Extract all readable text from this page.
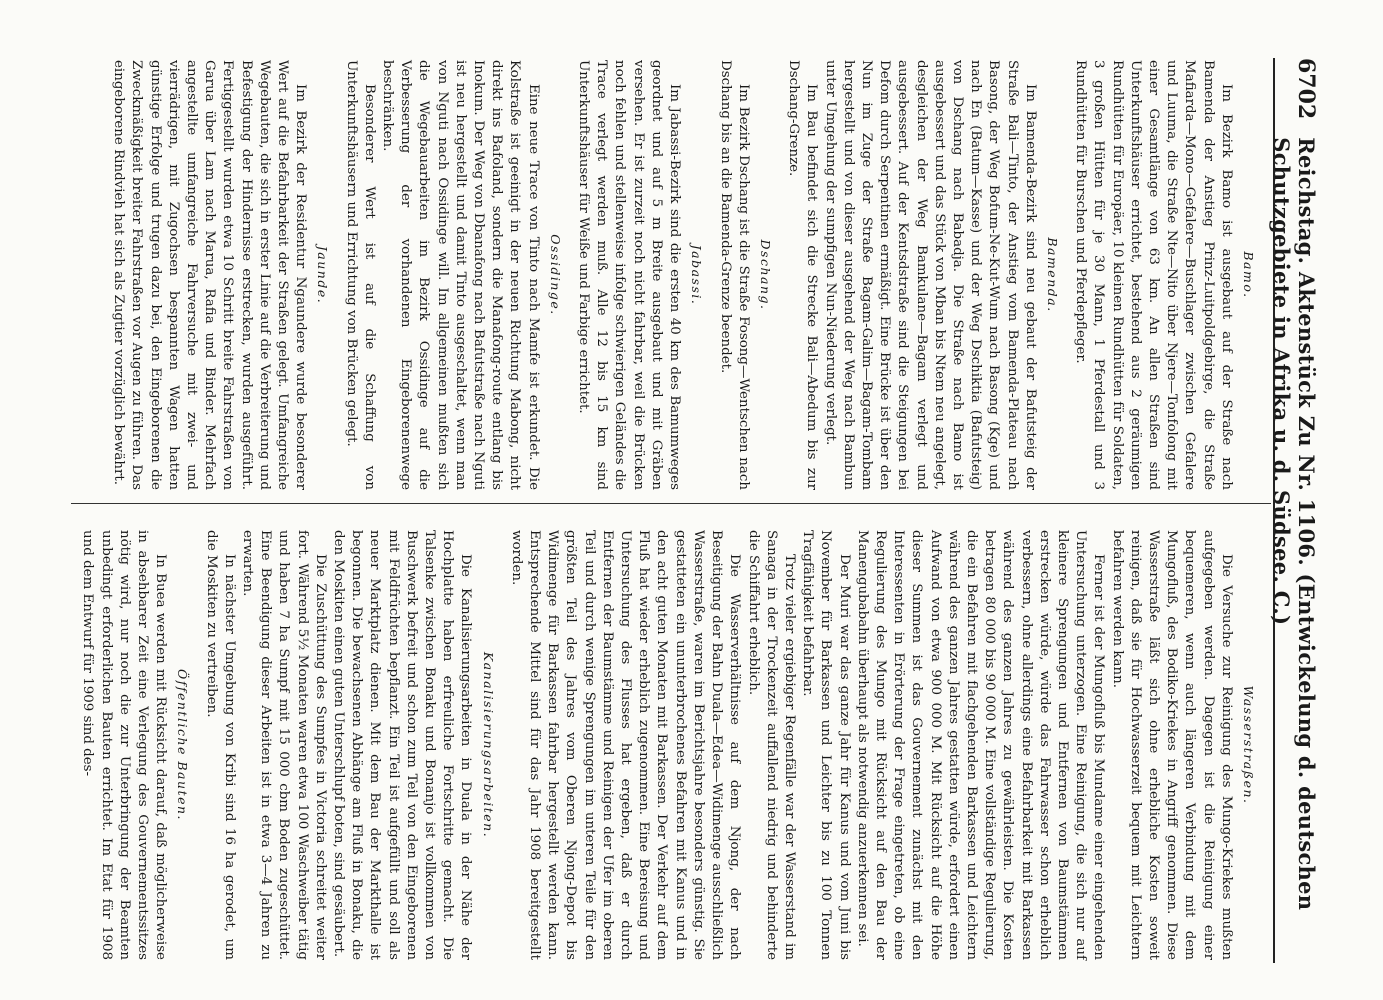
6702
Reichstag. Aktenstück Zu Nr. 1106. (Entwickelung d. deutschen Schutzgebiete in Afrika u. d. Südsee. C.)
Bamo.

Im Bezirk Bamo ist ausgebaut auf der Straße nach Bamenda der Anstieg Prinz-Luitpoldgebirge, die Straße Mafiarda—Mono—Gefalere—Buschlager zwischen Gefalere und Luuma, die Straße Nte—Nito über Njere—Tonfolong mit einer Gesamtlänge von 63 km. An allen Straßen sind Unterkunftshäuser errichtet, bestehend aus 2 geräumigen Rundhütten für Europäer, 10 kleinen Rundhütten für Soldaten, 3 großen Hütten für je 30 Mann, 1 Pferdestall und 3 Rundhütten für Burschen und Pferdepfleger.

Bamenda.

Im Bamenda-Bezirk sind neu gebaut der Bafutsteig der Straße Bali—Tinto, der Anstieg vom Bamenda-Plateau nach Basong, der Weg Bofum-Ne-Kut-Wum nach Basong (Kge) und nach En (Batum—Kasse) und der Weg Dschiktia (Bafutsteig) von Dschang nach Babadja. Die Straße nach Bamo ist ausgebessert und das Stück von Mban bis Ntem neu angelegt, desgleichen der Weg Bamkulane—Bagam verlegt und ausgebessert. Auf der Kentsdstraße sind die Steigungen bei Defom durch Serpentinen ermäßigt. Eine Brücke ist über den Nun im Zuge der Straße Bagam-Galim—Bagam-Tombam hergestellt und von dieser ausgehend der Weg nach Bambun unter Umgehung der sumpfigen Nun-Niederung verlegt.

Im Bau befindet sich die Strecke Bali—Abedum bis zur Dschang-Grenze.

Dschang.

Im Bezirk Dschang ist die Straße Fosong—Wentschen nach Dschang bis an die Bamenda-Grenze beendet.

Jabassi.

Im Jabassi-Bezirk sind die ersten 40 km des Bamumweges geordnet und auf 5 m Breite ausgebaut und mit Gräben versehen. Er ist zurzeit noch nicht fahrbar, weil die Brücken noch fehlen und stellenweise infolge schwierigen Geländes die Trace verlegt werden muß. Alle 12 bis 15 km sind Unterkunftshäuser für Weiße und Farbige errichtet.

Ossidinge.

Eine neue Trace von Tinto nach Mamfe ist erkundet. Die Kolstraße ist geeinigt in der neuen Richtung Mabong, nicht direkt ins Bafoland, sondern die Manafong-route entlang bis Inokum. Der Weg von Dbanafong nach Bafutstraße nach Nguti ist neu hergestellt und damit Tinto ausgeschaltet, wenn man von Nguti nach Ossidinge will. Im allgemeinen mußten sich die Wegebauarbeiten im Bezirk Ossidinge auf die Verbesserung der vorhandenen Eingeborenenwege beschränken.

Besonderer Wert ist auf die Schaffung von Unterkunftshäusern und Errichtung von Brücken gelegt.

Jaunde.

Im Bezirk der Residentur Ngaundere wurde besonderer Wert auf die Befahrbarkeit der Straßen gelegt. Umfangreiche Wegebauten, die sich in erster Linie auf die Verbreiterung und Befestigung der Hindernisse erstrecken, wurden ausgeführt. Fertiggestellt wurden etwa 10 Schritt breite Fahrstraßen von Garua über Lam nach Marua, Rafia und Binder. Mehrfach angestellte umfangreiche Fahrversuche mit zwei- und vierrädrigen, mit Zugochsen bespannten Wagen hatten günstige Erfolge und trugen dazu bei, den Eingeborenen die Zweckmäßigkeit breiter Fahrstraßen vor Augen zu führen. Das eingeborene Rindvieh hat sich als Zugtier vorzüglich bewährt.

Wasserstraßen.

Die Versuche zur Reinigung des Mungo-Kriekes mußten aufgegeben werden. Dagegen ist die Reinigung einer bequemeren, wenn auch längeren Verbindung mit dem Mungofluß, des Bodiko-Kriekes in Angriff genommen. Diese Wasserstraße läßt sich ohne erhebliche Kosten soweit reinigen, daß sie für Hochwasserzeit bequem mit Leichtern befahren werden kann.

Ferner ist der Mungofluß bis Mundame einer eingehenden Untersuchung unterzogen. Eine Reinigung, die sich nur auf kleinere Sprengungen und Entfernen von Baumstämmen erstrecken würde, würde das Fahrwasser schon erheblich verbessern, ohne allerdings eine Befahrbarkeit mit Barkassen während des ganzen Jahres zu gewährleisten. Die Kosten betragen 80 000 bis 90 000 M. Eine vollständige Regulierung, die ein Befahren mit flachgehenden Barkassen und Leichtern während des ganzen Jahres gestatten würde, erfordert einen Aufwand von etwa 900 000 M. Mit Rücksicht auf die Höhe dieser Summen ist das Gouvernement zunächst mit den Interessenten in Erörterung der Frage eingetreten, ob eine Regulierung des Mungo mit Rücksicht auf den Bau der Manengubabahn überhaupt als notwendig anzuerkennen sei.

Der Muri war das ganze Jahr für Kanus und vom Juni bis November für Barkassen und Leichter bis zu 100 Tonnen Tragfähigkeit befahrbar.

Trotz vieler ergiebiger Regenfälle war der Wasserstand im Sanaga in der Trockenzeit auffallend niedrig und behinderte die Schiffahrt erheblich.

Die Wasserverhältnisse auf dem Njong, der nach Beseitigung der Bahn Duala—Edea—Widimenge ausschließlich Wasserstraße, waren im Berichtsjahre besonders günstig. Sie gestatteten ein ununterbrochenes Befahren mit Kanus und in den acht guten Monaten mit Barkassen. Der Verkehr auf dem Fluß hat wieder erheblich zugenommen. Eine Bereisung und Untersuchung des Flusses hat ergeben, daß er durch Entfernen der Baumstämme und Reinigen der Ufer im oberen Teil und durch wenige Sprengungen im unteren Teile für den größten Teil des Jahres vom Oberen Njong-Depot bis Widimenge für Barkassen fahrbar hergestellt werden kann. Entsprechende Mittel sind für das Jahr 1908 bereitgestellt worden.

Kanalisierungsarbeiten.

Die Kanalisierungsarbeiten in Duala in der Nähe der Hochplatte haben erfreuliche Fortschritte gemacht. Die Talsenke zwischen Bonaku und Bonanjo ist vollkommen von Buschwerk befreit und schon zum Teil von den Eingeborenen mit Feldfrüchten bepflanzt. Ein Teil ist aufgefüllt und soll als neuer Marktplatz dienen. Mit dem Bau der Markthalle ist begonnen. Die bewachsenen Abhänge am Fluß in Bonaku, die den Moskiten einen guten Unterschlupf boten, sind gesäubert.

Die Zuschüttung des Sumpfes in Victoria schreitet weiter fort. Während 5½ Monaten waren etwa 100 Waschweiber tätig und haben 7 ha Sumpf mit 15 000 cbm Boden zugeschüttet. Eine Beendigung dieser Arbeiten ist in etwa 3—4 Jahren zu erwarten.

In nächster Umgebung von Kribi sind 16 ha gerodet, um die Moskiten zu vertreiben.

Öffentliche Bauten.

In Buea werden mit Rücksicht darauf, daß möglicherweise in absehbarer Zeit eine Verlegung des Gouvernementssitzes nötig wird, nur noch die zur Unterbringung der Beamten unbedingt erforderlichen Bauten errichtet. Im Etat für 1908 und dem Entwurf für 1909 sind des-
